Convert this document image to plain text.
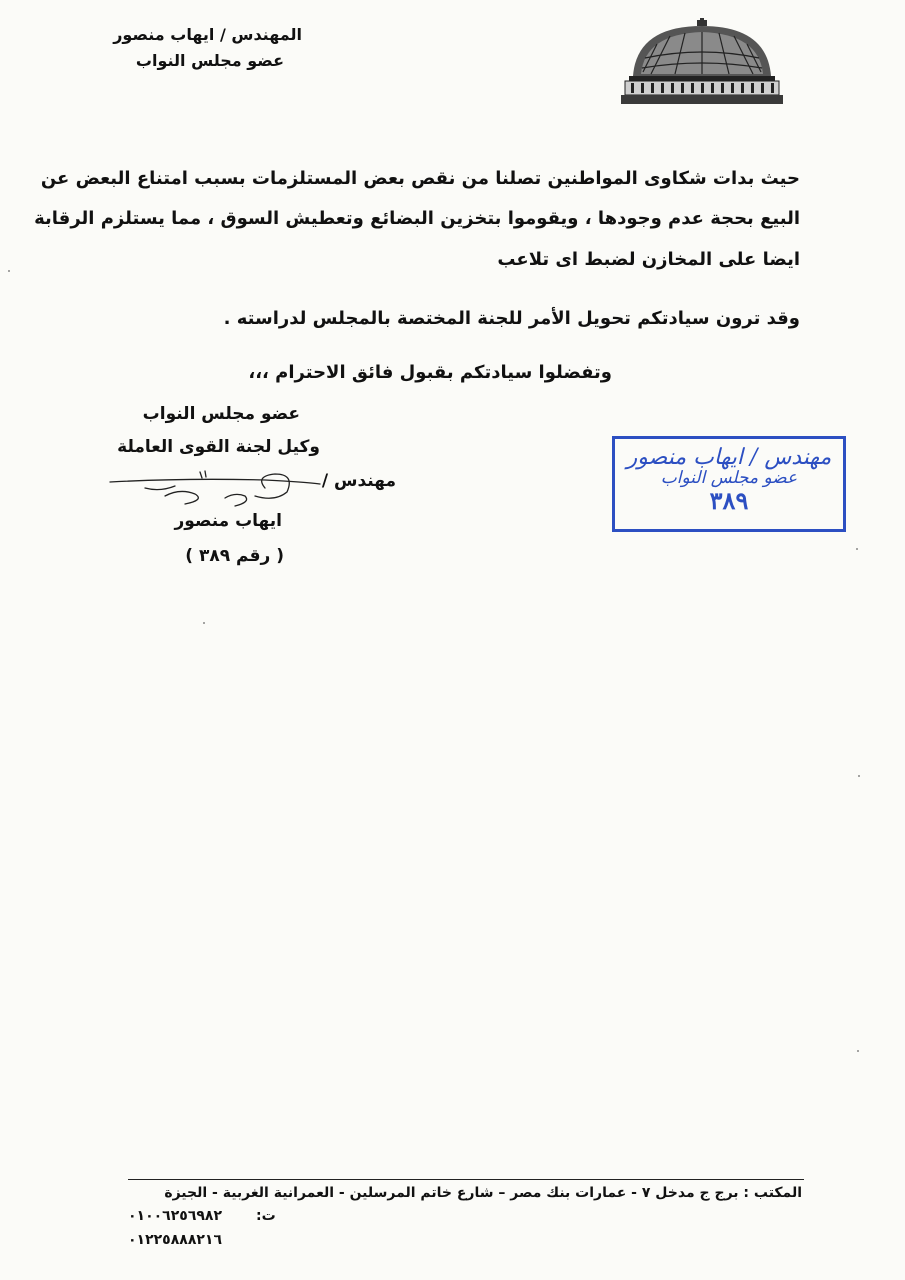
المهندس / ايهاب منصور
عضو مجلس النواب
حيث بدات شكاوى المواطنين تصلنا من نقص بعض المستلزمات بسبب امتناع البعض عن
البيع بحجة عدم وجودها ، ويقوموا بتخزين البضائع وتعطيش السوق ، مما يستلزم الرقابة
ايضا على المخازن لضبط اى تلاعب
وقد ترون سيادتكم تحويل الأمر للجنة المختصة بالمجلس لدراسته .
وتفضلوا سيادتكم بقبول فائق الاحترام ،،،
عضو مجلس النواب
وكيل لجنة القوى العاملة
مهندس /
ايهاب منصور
( رقم ٣٨٩ )
مهندس / ايهاب منصور
عضو مجلس النواب
٣٨٩
المكتب : برج ج مدخل ٧ - عمارات بنك مصر – شارع خاتم المرسلين - العمرانية الغربية - الجيزة
٠١٠٠٦٢٥٦٩٨٢ ت:
٠١٢٢٥٨٨٨٢١٦
